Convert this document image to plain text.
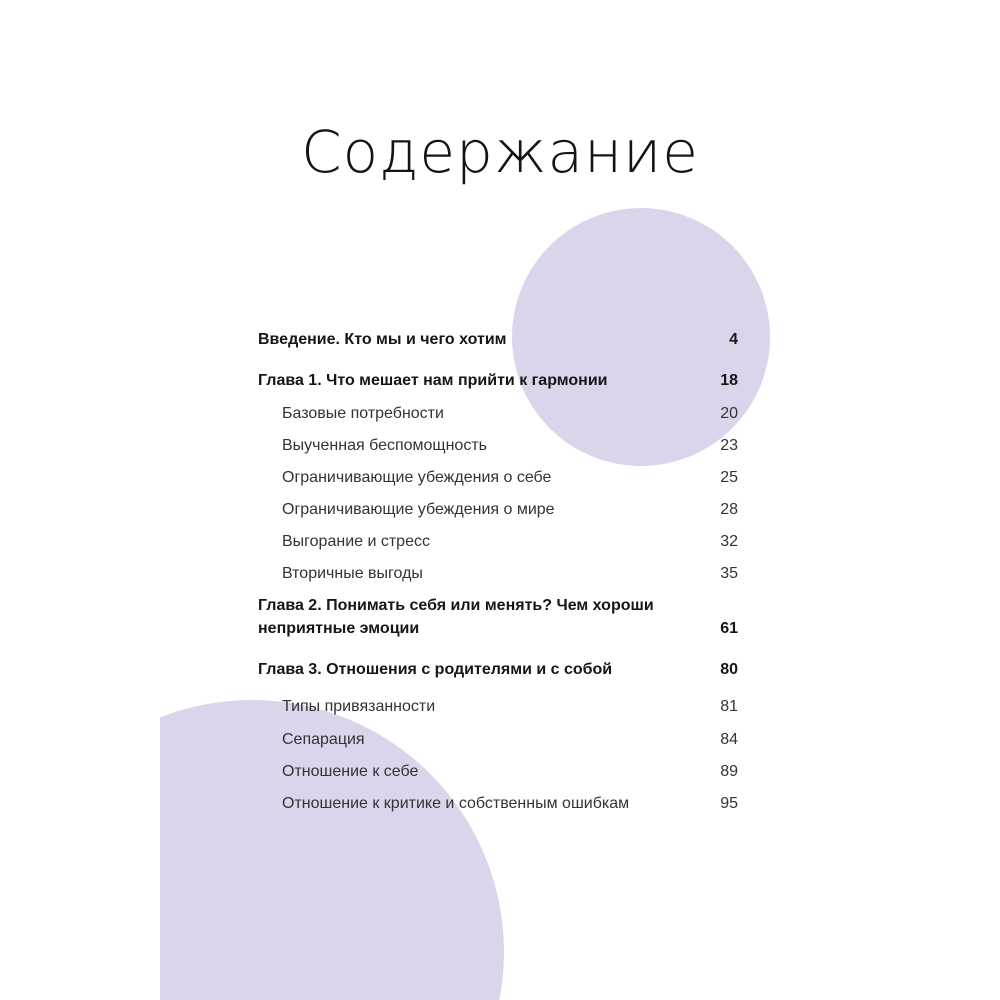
Содержание
Введение. Кто мы и чего хотим	4
Глава 1. Что мешает нам прийти к гармонии	18
Базовые потребности	20
Выученная беспомощность	23
Ограничивающие убеждения о себе	25
Ограничивающие убеждения о мире	28
Выгорание и стресс	32
Вторичные выгоды	35
Глава 2. Понимать себя или менять? Чем хороши
неприятные эмоции	61
Глава 3. Отношения с родителями и с собой	80
Типы привязанности	81
Сепарация	84
Отношение к себе	89
Отношение к критике и собственным ошибкам	95
